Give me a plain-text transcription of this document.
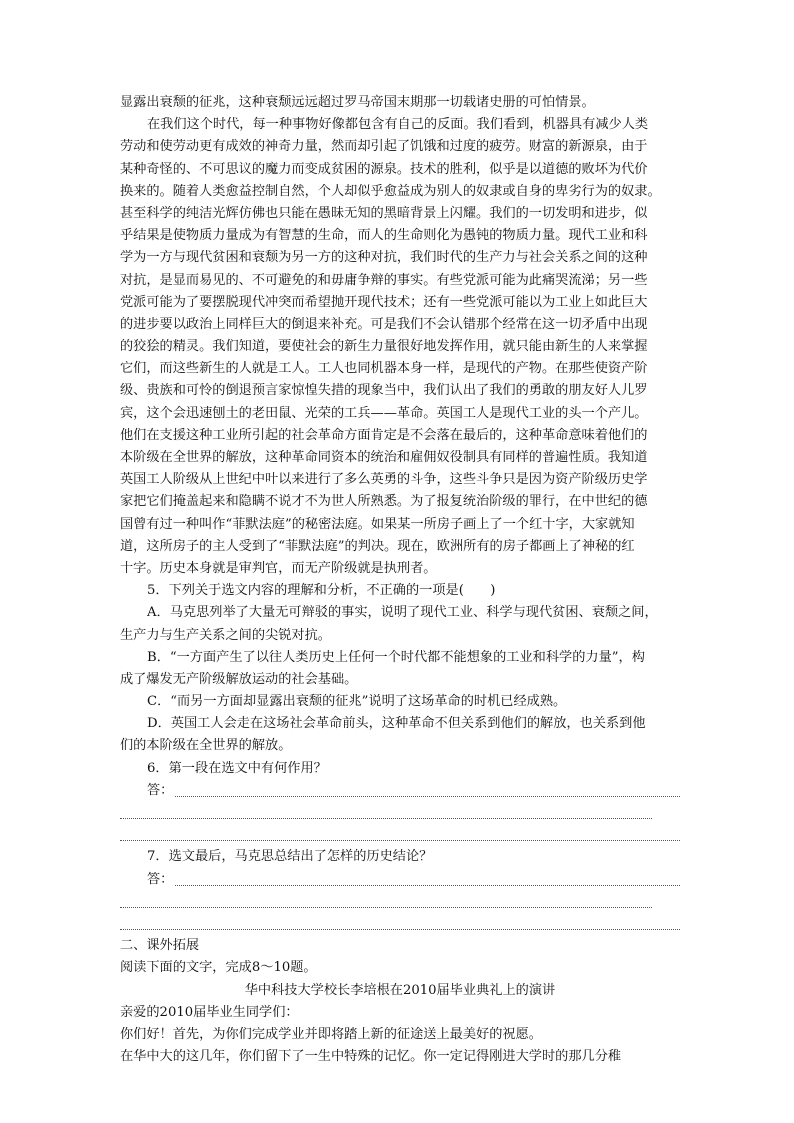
显露出衰颓的征兆，这种衰颓远远超过罗马帝国末期那一切载诸史册的可怕情景。
在我们这个时代，每一种事物好像都包含有自己的反面。我们看到，机器具有减少人类
劳动和使劳动更有成效的神奇力量，然而却引起了饥饿和过度的疲劳。财富的新源泉，由于
某种奇怪的、不可思议的魔力而变成贫困的源泉。技术的胜利，似乎是以道德的败坏为代价
换来的。随着人类愈益控制自然，个人却似乎愈益成为别人的奴隶或自身的卑劣行为的奴隶。
甚至科学的纯洁光辉仿佛也只能在愚昧无知的黑暗背景上闪耀。我们的一切发明和进步，似
乎结果是使物质力量成为有智慧的生命，而人的生命则化为愚钝的物质力量。现代工业和科
学为一方与现代贫困和衰颓为另一方的这种对抗，我们时代的生产力与社会关系之间的这种
对抗，是显而易见的、不可避免的和毋庸争辩的事实。有些党派可能为此痛哭流涕；另一些
党派可能为了要摆脱现代冲突而希望抛开现代技术；还有一些党派可能以为工业上如此巨大
的进步要以政治上同样巨大的倒退来补充。可是我们不会认错那个经常在这一切矛盾中出现
的狡狯的精灵。我们知道，要使社会的新生力量很好地发挥作用，就只能由新生的人来掌握
它们，而这些新生的人就是工人。工人也同机器本身一样，是现代的产物。在那些使资产阶
级、贵族和可怜的倒退预言家惊惶失措的现象当中，我们认出了我们的勇敢的朋友好人儿罗
宾，这个会迅速刨土的老田鼠、光荣的工兵——革命。英国工人是现代工业的头一个产儿。
他们在支援这种工业所引起的社会革命方面肯定是不会落在最后的，这种革命意味着他们的
本阶级在全世界的解放，这种革命同资本的统治和雇佣奴役制具有同样的普遍性质。我知道
英国工人阶级从上世纪中叶以来进行了多么英勇的斗争，这些斗争只是因为资产阶级历史学
家把它们掩盖起来和隐瞒不说才不为世人所熟悉。为了报复统治阶级的罪行，在中世纪的德
国曾有过一种叫作“菲默法庭”的秘密法庭。如果某一所房子画上了一个红十字，大家就知
道，这所房子的主人受到了“菲默法庭”的判决。现在，欧洲所有的房子都画上了神秘的红
十字。历史本身就是审判官，而无产阶级就是执刑者。
5．下列关于选文内容的理解和分析，不正确的一项是(　　)
A．马克思列举了大量无可辩驳的事实，说明了现代工业、科学与现代贫困、衰颓之间，
生产力与生产关系之间的尖锐对抗。
B．“一方面产生了以往人类历史上任何一个时代都不能想象的工业和科学的力量”，构
成了爆发无产阶级解放运动的社会基础。
C．“而另一方面却显露出衰颓的征兆”说明了这场革命的时机已经成熟。
D．英国工人会走在这场社会革命前头，这种革命不但关系到他们的解放，也关系到他
们的本阶级在全世界的解放。
6．第一段在选文中有何作用？
答：
7．选文最后，马克思总结出了怎样的历史结论？
答：
二、课外拓展
阅读下面的文字，完成8～10题。
华中科技大学校长李培根在2010届毕业典礼上的演讲
亲爱的2010届毕业生同学们：
你们好！首先，为你们完成学业并即将踏上新的征途送上最美好的祝愿。
在华中大的这几年，你们留下了一生中特殊的记忆。你一定记得刚进大学时的那几分稚
